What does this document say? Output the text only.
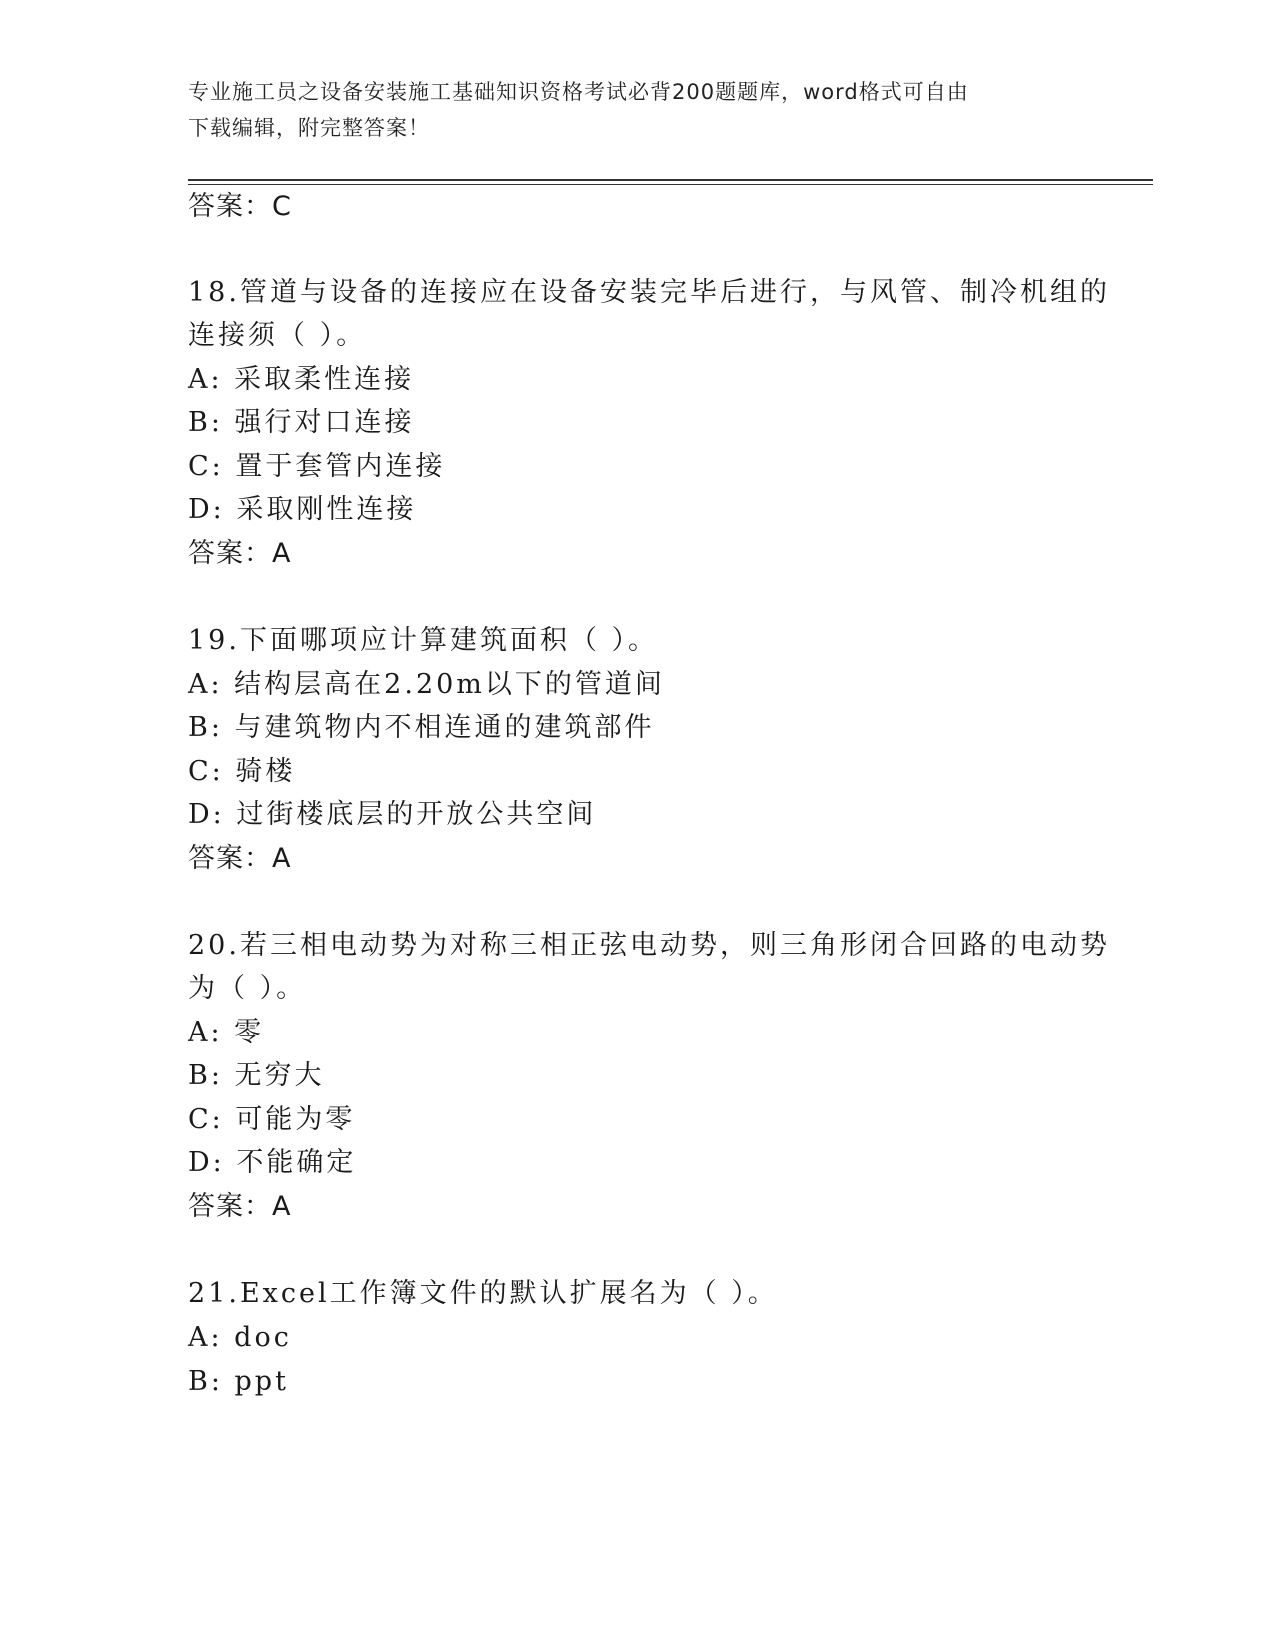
专业施工员之设备安装施工基础知识资格考试必背200题题库，word格式可自由
下载编辑，附完整答案！
答案：C
18.管道与设备的连接应在设备安装完毕后进行，与风管、制冷机组的
连接须（ ）。
A: 采取柔性连接
B: 强行对口连接
C: 置于套管内连接
D: 采取刚性连接
答案：A
19.下面哪项应计算建筑面积（ ）。
A: 结构层高在2.20m以下的管道间
B: 与建筑物内不相连通的建筑部件
C: 骑楼
D: 过街楼底层的开放公共空间
答案：A
20.若三相电动势为对称三相正弦电动势，则三角形闭合回路的电动势
为（ ）。
A: 零
B: 无穷大
C: 可能为零
D: 不能确定
答案：A
21.Excel工作簿文件的默认扩展名为（ ）。
A: doc
B: ppt
